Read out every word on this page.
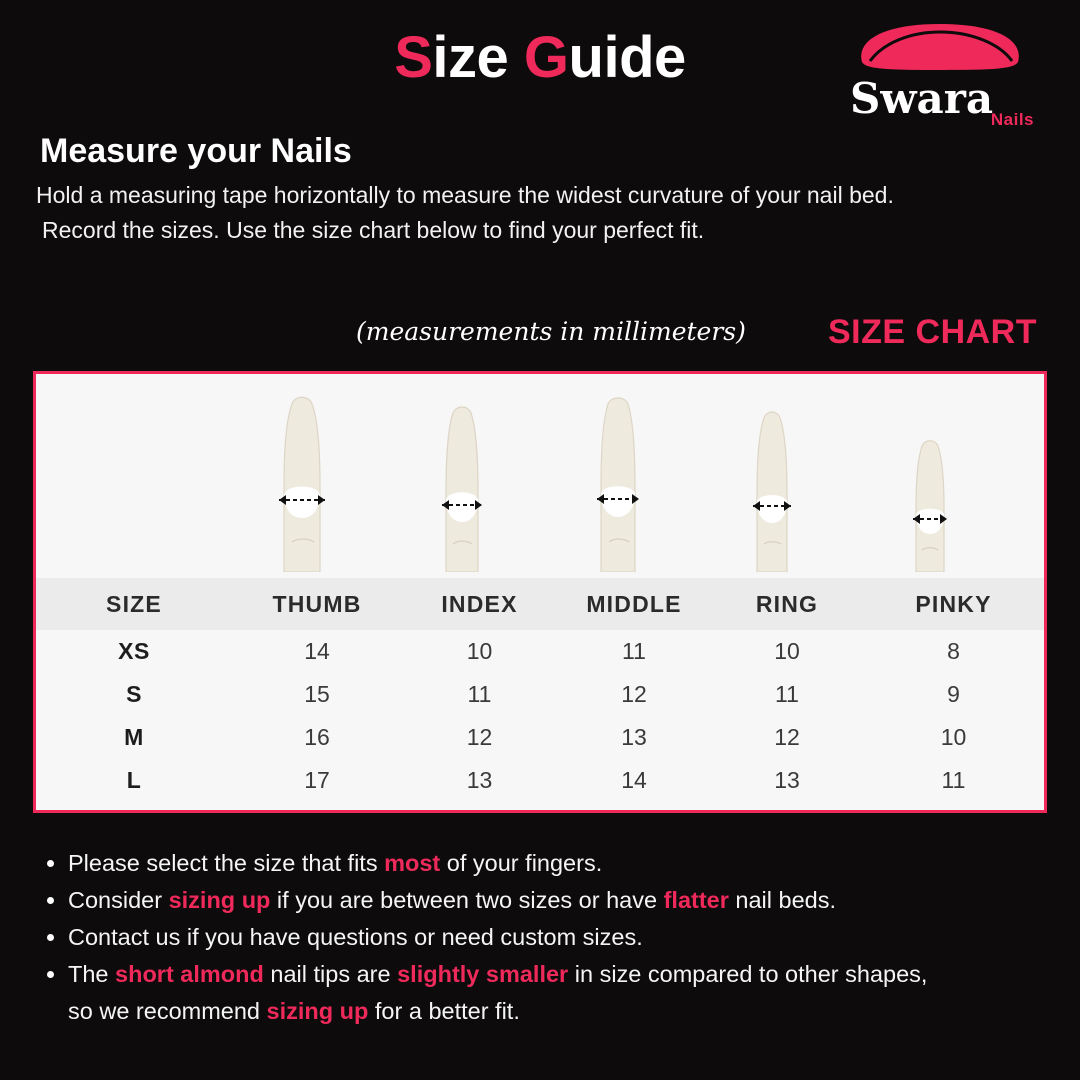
Size Guide
Swara
Nails
Measure your Nails
Hold a measuring tape horizontally to measure the widest curvature of your nail bed.
Record the sizes. Use the size chart below to find your perfect fit.
(measurements in millimeters) SIZE CHART
SIZE	THUMB	INDEX	MIDDLE	RING	PINKY
XS	14	10	11	10	8
S	15	11	12	11	9
M	16	12	13	12	10
L	17	13	14	13	11
Please select the size that fits most of your fingers.
Consider sizing up if you are between two sizes or have flatter nail beds.
Contact us if you have questions or need custom sizes.
The short almond nail tips are slightly smaller in size compared to other shapes,
so we recommend sizing up for a better fit.
